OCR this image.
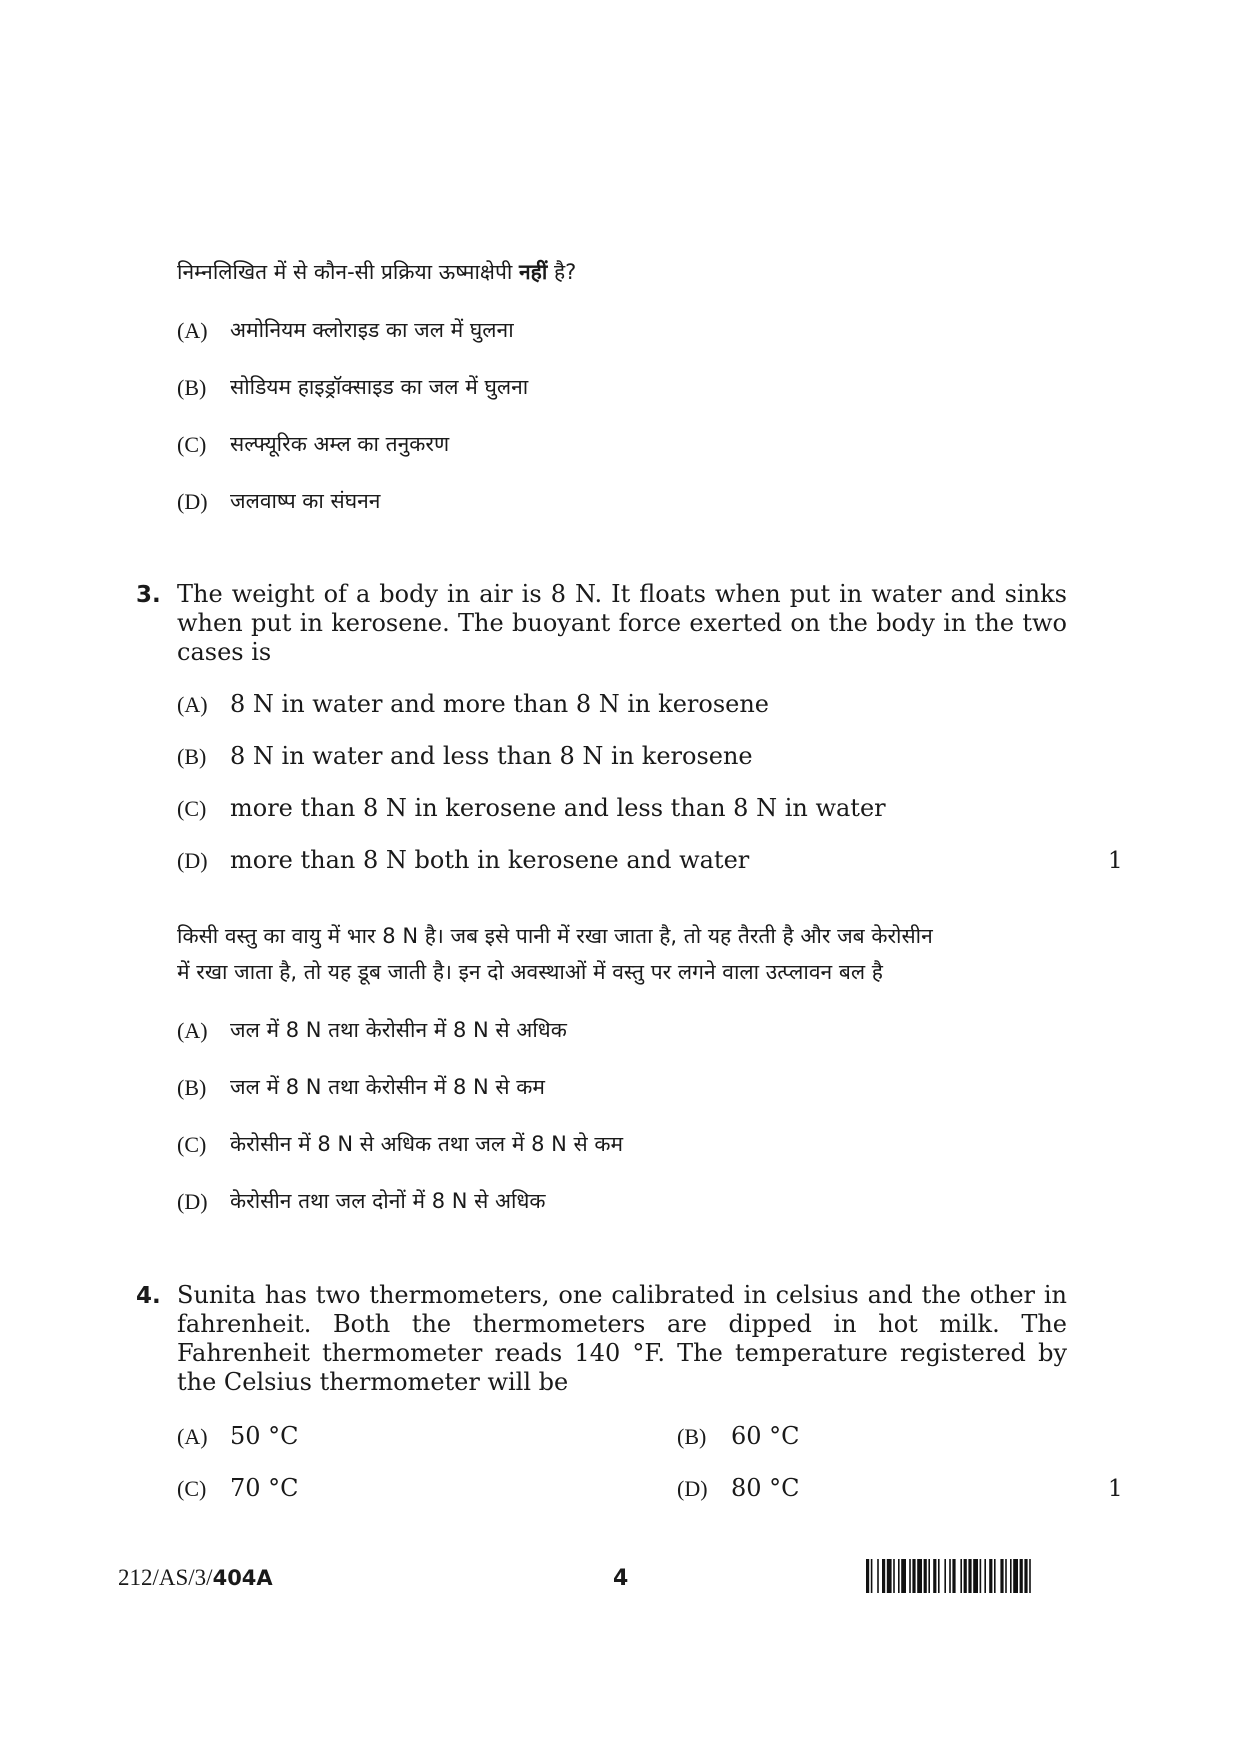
निम्नलिखित में से कौन-सी प्रक्रिया ऊष्माक्षेपी नहीं है?
(A) अमोनियम क्लोराइड का जल में घुलना
(B) सोडियम हाइड्रॉक्साइड का जल में घुलना
(C) सल्फ्यूरिक अम्ल का तनुकरण
(D) जलवाष्प का संघनन
3. The weight of a body in air is 8 N. It floats when put in water and sinks when put in kerosene. The buoyant force exerted on the body in the two cases is
(A) 8 N in water and more than 8 N in kerosene
(B) 8 N in water and less than 8 N in kerosene
(C) more than 8 N in kerosene and less than 8 N in water
(D) more than 8 N both in kerosene and water	1
किसी वस्तु का वायु में भार 8 N है। जब इसे पानी में रखा जाता है, तो यह तैरती है और जब केरोसीन
में रखा जाता है, तो यह डूब जाती है। इन दो अवस्थाओं में वस्तु पर लगने वाला उत्प्लावन बल है
(A) जल में 8 N तथा केरोसीन में 8 N से अधिक
(B) जल में 8 N तथा केरोसीन में 8 N से कम
(C) केरोसीन में 8 N से अधिक तथा जल में 8 N से कम
(D) केरोसीन तथा जल दोनों में 8 N से अधिक
4. Sunita has two thermometers, one calibrated in celsius and the other in fahrenheit. Both the thermometers are dipped in hot milk. The Fahrenheit thermometer reads 140 °F. The temperature registered by the Celsius thermometer will be
(A) 50 °C	(B) 60 °C
(C) 70 °C	(D) 80 °C	1
212/AS/3/404A	4
